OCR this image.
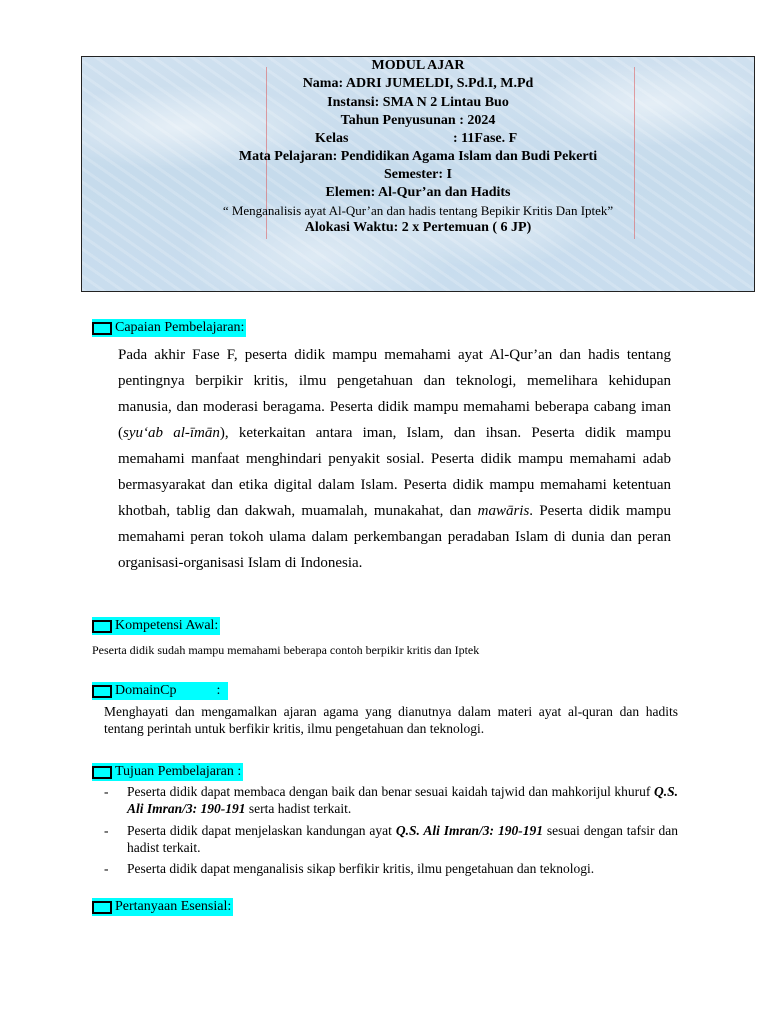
MODUL AJAR
Nama: ADRI JUMELDI, S.Pd.I, M.Pd
Instansi: SMA N 2 Lintau Buo
Tahun Penyusunan : 2024
Kelas	: 11Fase. F
Mata Pelajaran: Pendidikan Agama Islam dan Budi Pekerti
Semester: I
Elemen: Al-Qur’an dan Hadits
“ Menganalisis ayat Al-Qur’an dan hadis tentang Bepikir Kritis Dan Iptek”
Alokasi Waktu: 2 x Pertemuan ( 6 JP)
Capaian Pembelajaran:
Pada akhir Fase F, peserta didik mampu memahami ayat Al-Qur’an dan hadis tentang pentingnya berpikir kritis, ilmu pengetahuan dan teknologi, memelihara kehidupan manusia, dan moderasi beragama. Peserta didik mampu memahami beberapa cabang iman (syu‘ab al-īmān), keterkaitan antara iman, Islam, dan ihsan. Peserta didik mampu memahami manfaat menghindari penyakit sosial. Peserta didik mampu memahami adab bermasyarakat dan etika digital dalam Islam. Peserta didik mampu memahami ketentuan khotbah, tablig dan dakwah, muamalah, munakahat, dan mawāris. Peserta didik mampu memahami peran tokoh ulama dalam perkembangan peradaban Islam di dunia dan peran organisasi-organisasi Islam di Indonesia.
Kompetensi Awal:
Peserta didik sudah mampu memahami beberapa contoh berpikir kritis dan Iptek
DomainCp	:
Menghayati dan mengamalkan ajaran agama yang dianutnya dalam materi ayat al-quran dan hadits tentang perintah untuk berfikir kritis, ilmu pengetahuan dan teknologi.
Tujuan Pembelajaran :
- Peserta didik dapat membaca dengan baik dan benar sesuai kaidah tajwid dan mahkorijul khuruf Q.S. Ali Imran/3: 190-191 serta hadist terkait.
- Peserta didik dapat menjelaskan kandungan ayat Q.S. Ali Imran/3: 190-191 sesuai dengan tafsir dan hadist terkait.
- Peserta didik dapat menganalisis sikap berfikir kritis, ilmu pengetahuan dan teknologi.
Pertanyaan Esensial:
